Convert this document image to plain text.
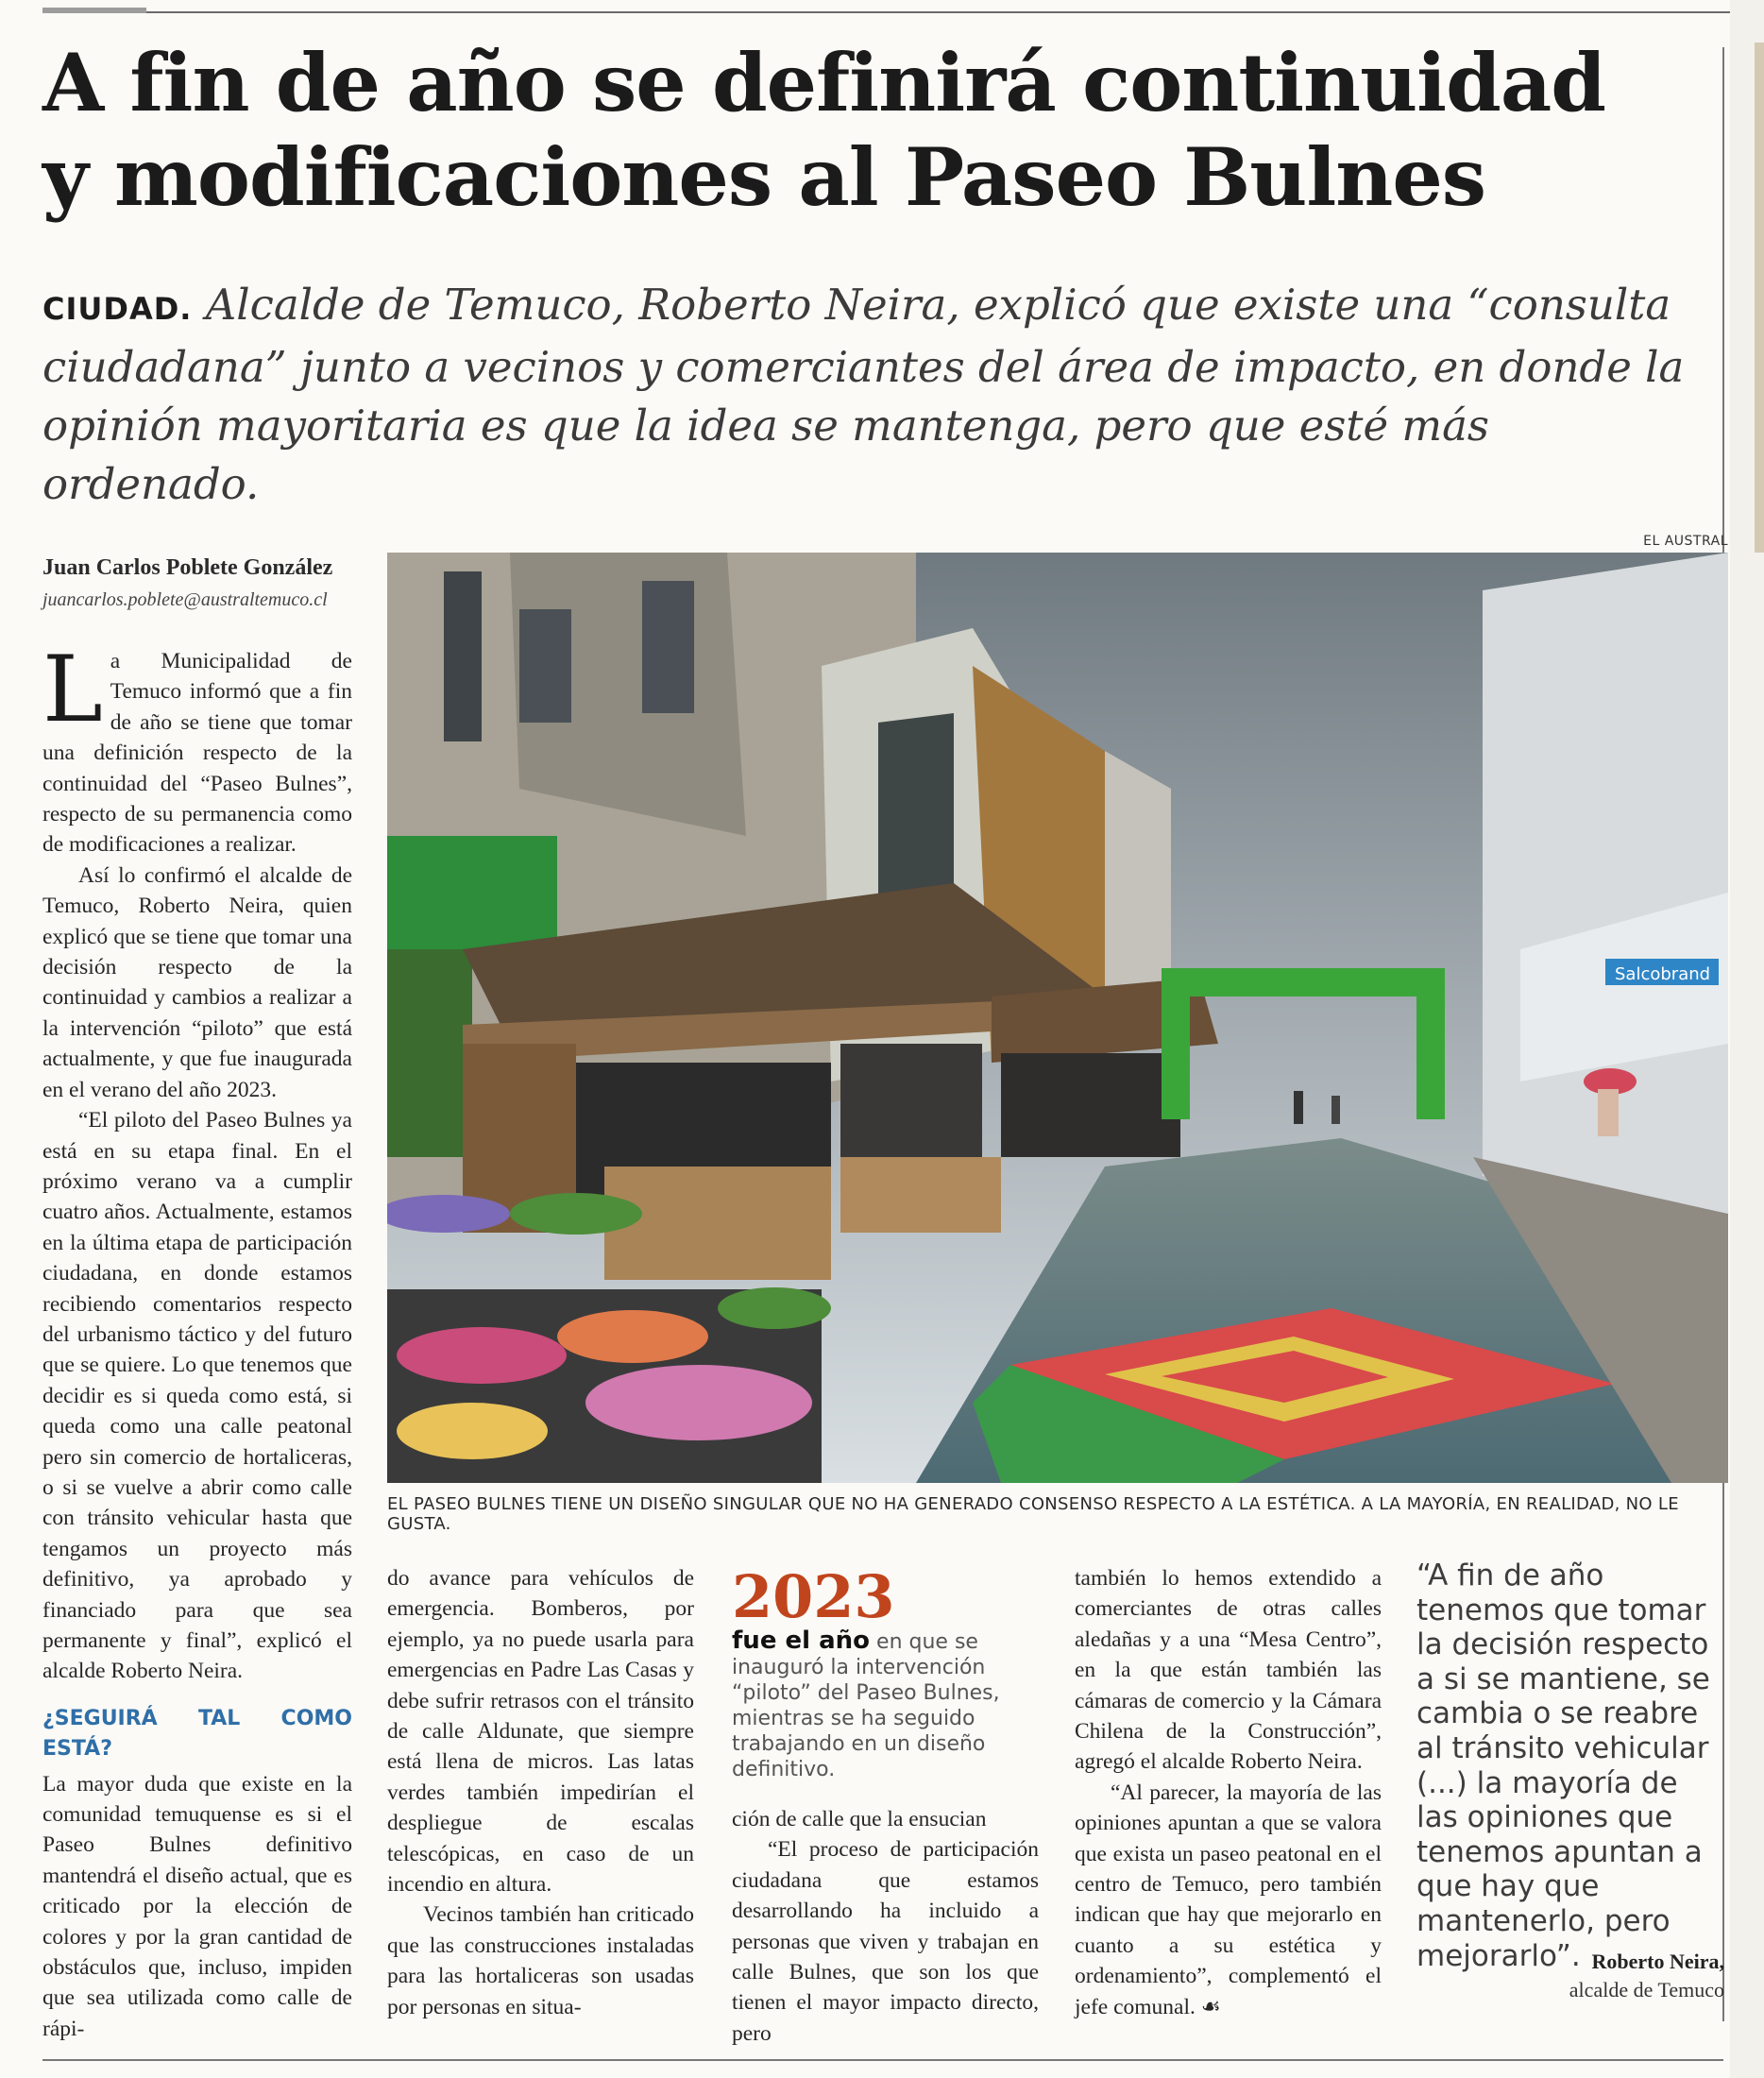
A fin de año se definirá continuidad
y modificaciones al Paseo Bulnes
CIUDAD. Alcalde de Temuco, Roberto Neira, explicó que existe una “consulta ciudadana” junto a vecinos y comerciantes del área de impacto, en donde la opinión mayoritaria es que la idea se mantenga, pero que esté más ordenado.
Juan Carlos Poblete González
juancarlos.poblete@australtemuco.cl
EL AUSTRAL
Salcobrand
EL PASEO BULNES TIENE UN DISEÑO SINGULAR QUE NO HA GENERADO CONSENSO RESPECTO A LA ESTÉTICA. A LA MAYORÍA, EN REALIDAD, NO LE GUSTA.

La Municipalidad de Temuco informó que a fin de año se tiene que tomar una definición respecto de la continuidad del “Paseo Bulnes”, respecto de su permanencia como de modificaciones a realizar.

Así lo confirmó el alcalde de Temuco, Roberto Neira, quien explicó que se tiene que tomar una decisión respecto de la continuidad y cambios a realizar a la intervención “piloto” que está actualmente, y que fue inaugurada en el verano del año 2023.

“El piloto del Paseo Bulnes ya está en su etapa final. En el próximo verano va a cumplir cuatro años. Actualmente, estamos en la última etapa de participación ciudadana, en donde estamos recibiendo comentarios respecto del urbanismo táctico y del futuro que se quiere. Lo que tenemos que decidir es si queda como está, si queda como una calle peatonal pero sin comercio de hortaliceras, o si se vuelve a abrir como calle con tránsito vehicular hasta que tengamos un proyecto más definitivo, ya aprobado y financiado para que sea permanente y final”, explicó el alcalde Roberto Neira.

¿SEGUIRÁ TAL COMO ESTÁ?

La mayor duda que existe en la comunidad temuquense es si el Paseo Bulnes definitivo mantendrá el diseño actual, que es criticado por la elección de colores y por la gran cantidad de obstáculos que, incluso, impiden que sea utilizada como calle de rápi-

do avance para vehículos de emergencia. Bomberos, por ejemplo, ya no puede usarla para emergencias en Padre Las Casas y debe sufrir retrasos con el tránsito de calle Aldunate, que siempre está llena de micros. Las latas verdes también impedirían el despliegue de escalas telescópicas, en caso de un incendio en altura.

Vecinos también han criticado que las construcciones instaladas para las hortaliceras son usadas por personas en situa-

2023
fue el año en que se inauguró la intervención “piloto” del Paseo Bulnes, mientras se ha seguido trabajando en un diseño definitivo.

ción de calle que la ensucian

“El proceso de participación ciudadana que estamos desarrollando ha incluido a personas que viven y trabajan en calle Bulnes, que son los que tienen el mayor impacto directo, pero

también lo hemos extendido a comerciantes de otras calles aledañas y a una “Mesa Centro”, en la que están también las cámaras de comercio y la Cámara Chilena de la Construcción”, agregó el alcalde Roberto Neira.

“Al parecer, la mayoría de las opiniones apuntan a que se valora que exista un paseo peatonal en el centro de Temuco, pero también indican que hay que mejorarlo en cuanto a su estética y ordenamiento”, complementó el jefe comunal. ☙

“A fin de año tenemos que tomar la decisión respecto a si se mantiene, se cambia o se reabre al tránsito vehicular (...) la mayoría de las opiniones que tenemos apuntan a que hay que mantenerlo, pero mejorarlo”. Roberto Neira,
alcalde de Temuco
